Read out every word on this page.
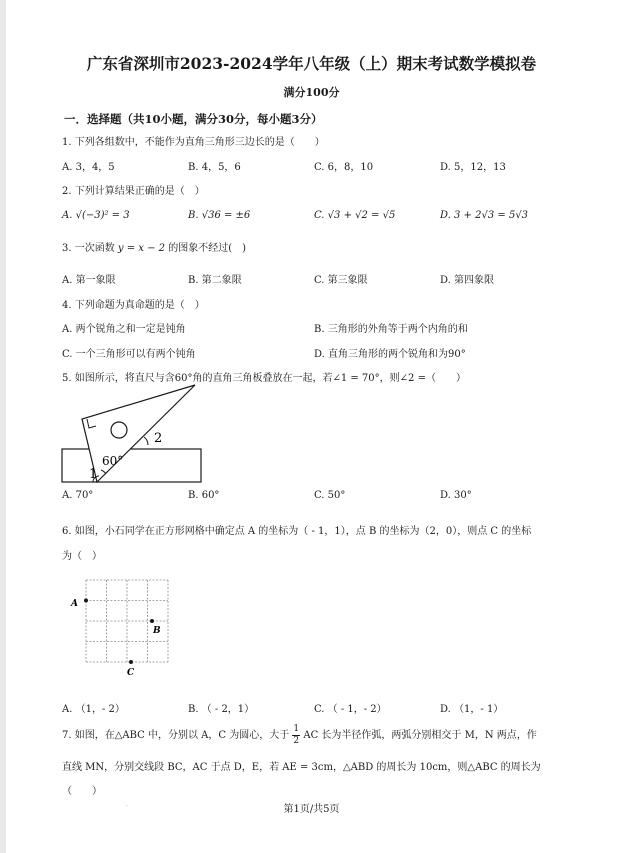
广东省深圳市2023-2024学年八年级（上）期末考试数学模拟卷
满分100分
一．选择题（共10小题，满分30分，每小题3分）
1. 下列各组数中，不能作为直角三角形三边长的是（　　）
A. 3，4，5	B. 4，5，6	C. 6，8，10	D. 5，12，13
2. 下列计算结果正确的是（　）
A. √(−3)² = 3	B. √36 = ±6	C. √3 + √2 = √5	D. 3 + 2√3 = 5√3
3. 一次函数 y = x − 2 的图象不经过(　)
A. 第一象限	B. 第二象限	C. 第三象限	D. 第四象限
4. 下列命题为真命题的是（　）
A. 两个锐角之和一定是钝角	B. 三角形的外角等于两个内角的和
C. 一个三角形可以有两个钝角	D. 直角三角形的两个锐角和为90°
5. 如图所示，将直尺与含60°角的直角三角板叠放在一起，若∠1 = 70°，则∠2 =（　　）
60°
2
1
A. 70°	B. 60°	C. 50°	D. 30°
6. 如图，小石同学在正方形网格中确定点 A 的坐标为（ - 1，1），点 B 的坐标为（2，0），则点 C 的坐标
为（　）
A
B
C
A. （1，- 2）	B. （ - 2，1）	C. （ - 1，- 2）	D. （1，- 1）
7. 如图，在△ABC 中，分别以 A，C 为圆心，大于 $\frac{1}{2}$ AC 长为半径作弧，两弧分别相交于 M，N 两点，作
直线 MN，分别交线段 BC，AC 于点 D，E，若 AE = 3cm，△ABD 的周长为 10cm，则△ABC 的周长为
（　　）
·	第1页/共5页
